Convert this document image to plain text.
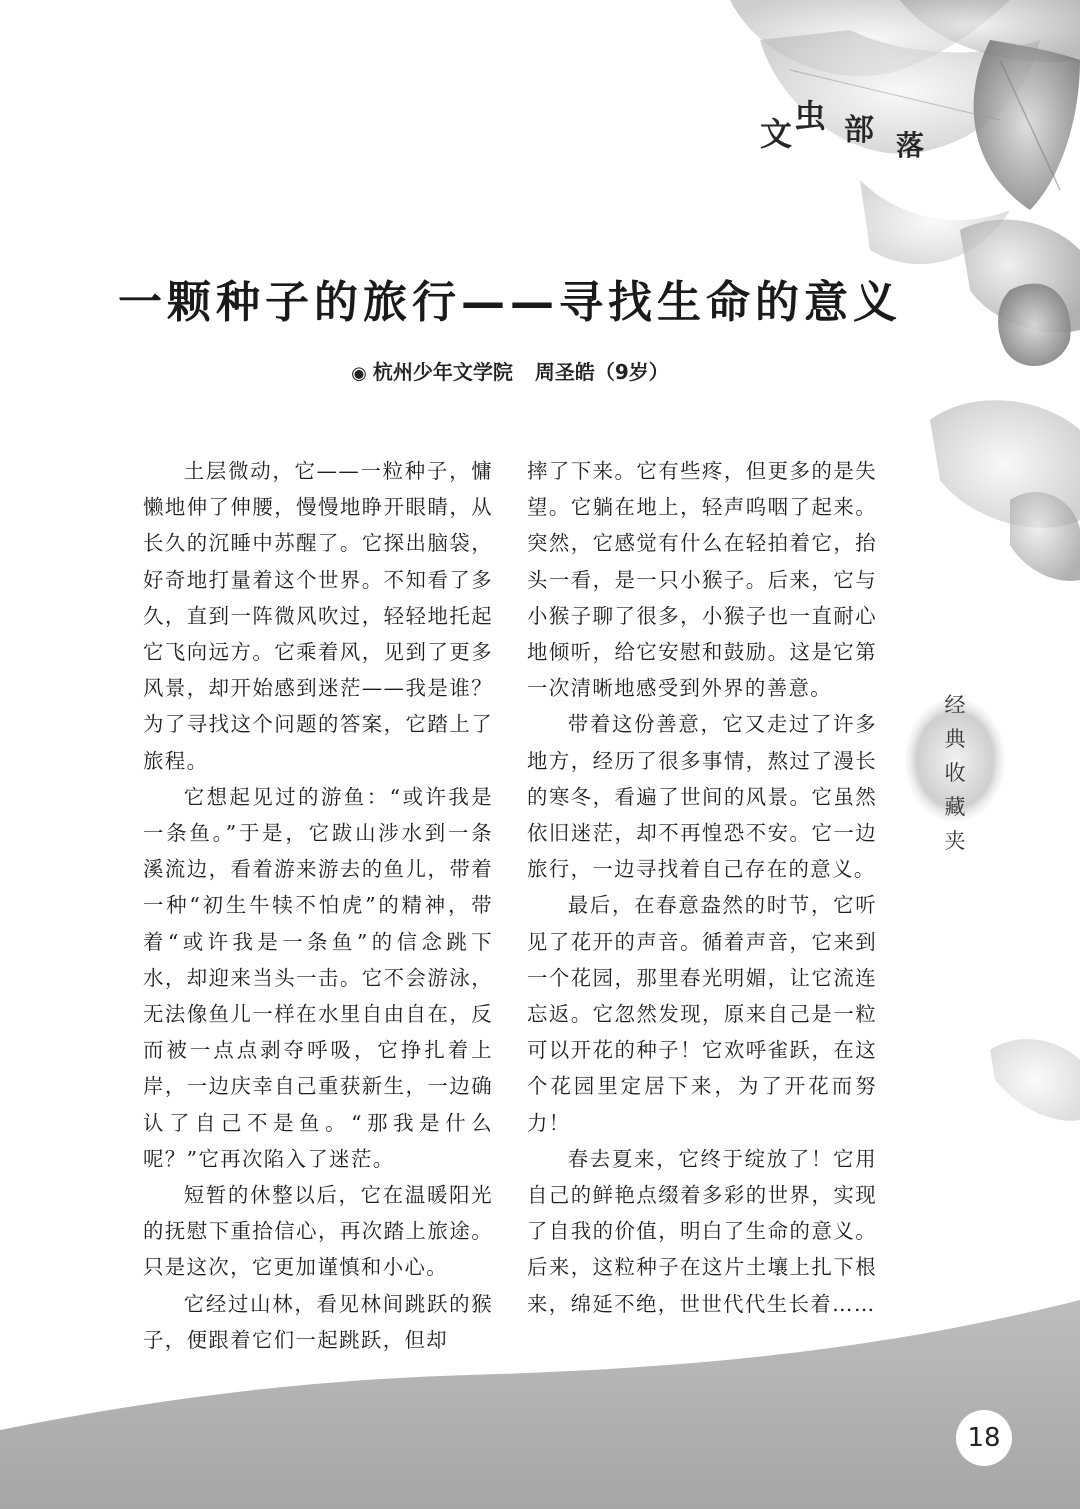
文 虫 部 落
一颗种子的旅行——寻找生命的意义
◉ 杭州少年文学院 周圣皓（9岁）

土层微动，它——一粒种子，慵懒地伸了伸腰，慢慢地睁开眼睛，从长久的沉睡中苏醒了。它探出脑袋，好奇地打量着这个世界。不知看了多久，直到一阵微风吹过，轻轻地托起它飞向远方。它乘着风，见到了更多风景，却开始感到迷茫——我是谁？为了寻找这个问题的答案，它踏上了旅程。

它想起见过的游鱼：“或许我是一条鱼。”于是，它跋山涉水到一条溪流边，看着游来游去的鱼儿，带着一种“初生牛犊不怕虎”的精神，带着“或许我是一条鱼”的信念跳下水，却迎来当头一击。它不会游泳，无法像鱼儿一样在水里自由自在，反而被一点点剥夺呼吸，它挣扎着上岸，一边庆幸自己重获新生，一边确认了自己不是鱼。“那我是什么呢？”它再次陷入了迷茫。

短暂的休整以后，它在温暖阳光的抚慰下重拾信心，再次踏上旅途。只是这次，它更加谨慎和小心。

它经过山林，看见林间跳跃的猴子，便跟着它们一起跳跃，但却

摔了下来。它有些疼，但更多的是失望。它躺在地上，轻声呜咽了起来。突然，它感觉有什么在轻拍着它，抬头一看，是一只小猴子。后来，它与小猴子聊了很多，小猴子也一直耐心地倾听，给它安慰和鼓励。这是它第一次清晰地感受到外界的善意。

带着这份善意，它又走过了许多地方，经历了很多事情，熬过了漫长的寒冬，看遍了世间的风景。它虽然依旧迷茫，却不再惶恐不安。它一边旅行，一边寻找着自己存在的意义。

最后，在春意盎然的时节，它听见了花开的声音。循着声音，它来到一个花园，那里春光明媚，让它流连忘返。它忽然发现，原来自己是一粒可以开花的种子！它欢呼雀跃，在这个花园里定居下来，为了开花而努力！

春去夏来，它终于绽放了！它用自己的鲜艳点缀着多彩的世界，实现了自我的价值，明白了生命的意义。后来，这粒种子在这片土壤上扎下根来，绵延不绝，世世代代生长着……

经
典
收
藏
夹
18
